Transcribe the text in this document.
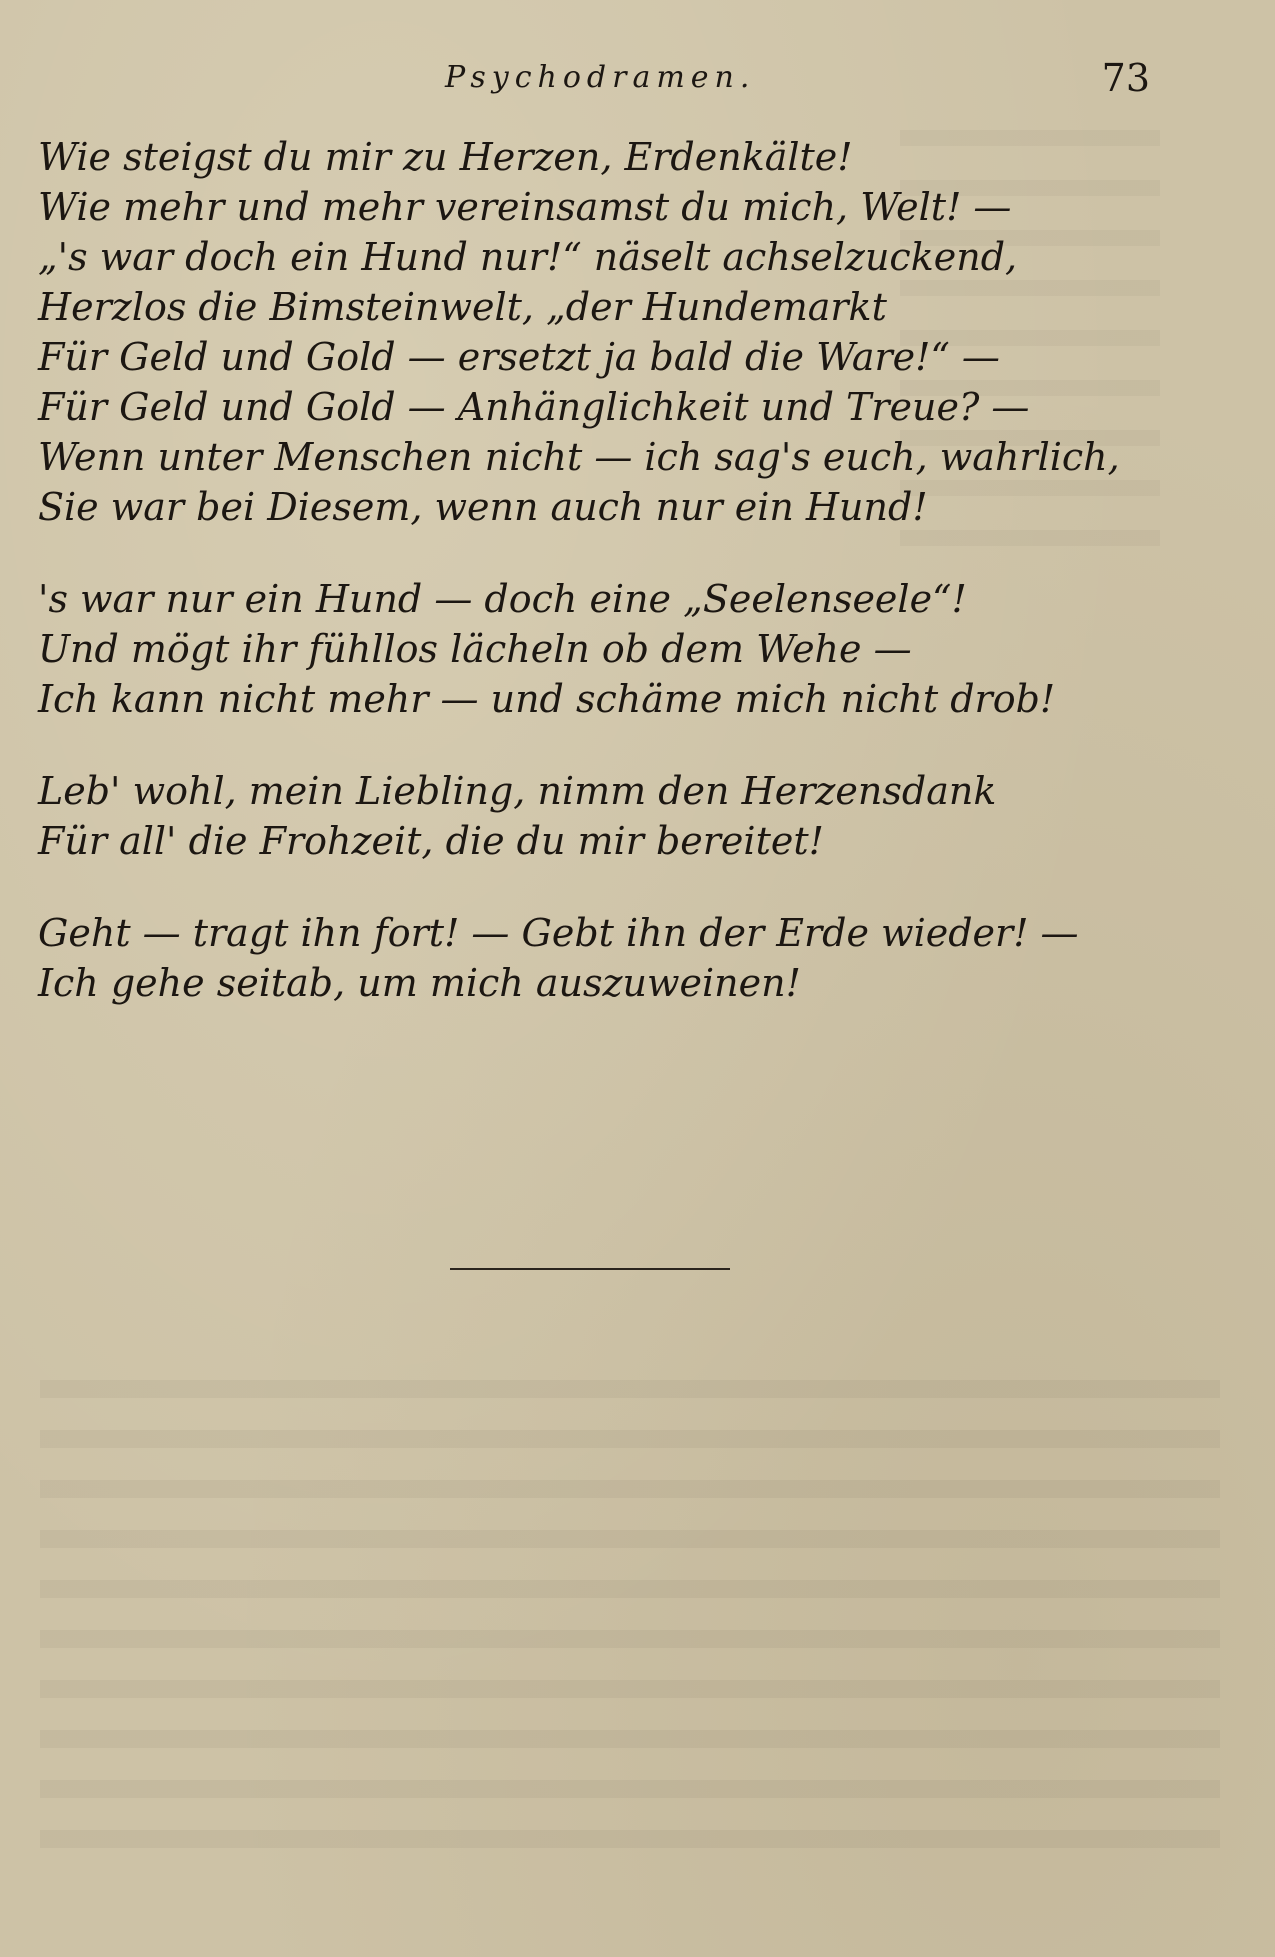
Psychodramen.	73
Wie steigst du mir zu Herzen, Erdenkälte!
Wie mehr und mehr vereinsamst du mich, Welt! —
„'s war doch ein Hund nur!“ näselt achselzuckend,
Herzlos die Bimsteinwelt, „der Hundemarkt
Für Geld und Gold — ersetzt ja bald die Ware!“ —
Für Geld und Gold — Anhänglichkeit und Treue? —
Wenn unter Menschen nicht — ich sag's euch, wahrlich,
Sie war bei Diesem, wenn auch nur ein Hund!
's war nur ein Hund — doch eine „Seelenseele“!
Und mögt ihr fühllos lächeln ob dem Wehe —
Ich kann nicht mehr — und schäme mich nicht drob!
Leb' wohl, mein Liebling, nimm den Herzensdank
Für all' die Frohzeit, die du mir bereitet!
Geht — tragt ihn fort! — Gebt ihn der Erde wieder! —
Ich gehe seitab, um mich auszuweinen!
